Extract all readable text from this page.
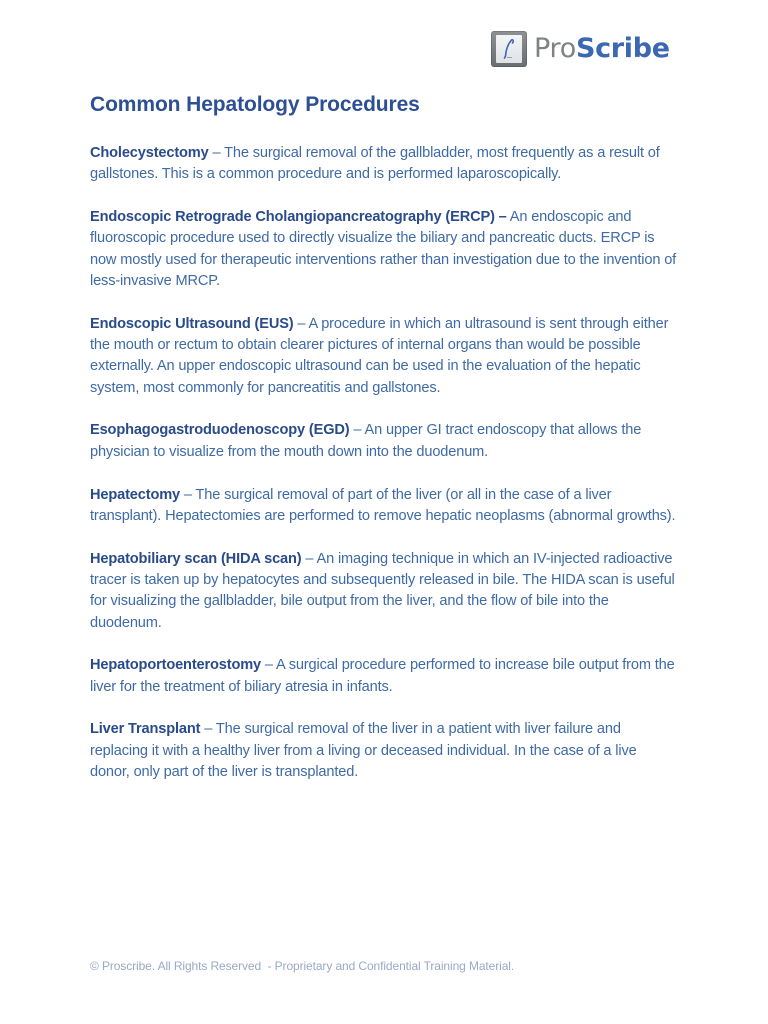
ProScribe
Common Hepatology Procedures

Cholecystectomy – The surgical removal of the gallbladder, most frequently as a result of gallstones. This is a common procedure and is performed laparoscopically.

Endoscopic Retrograde Cholangiopancreatography (ERCP) – An endoscopic and fluoroscopic procedure used to directly visualize the biliary and pancreatic ducts. ERCP is now mostly used for therapeutic interventions rather than investigation due to the invention of less-invasive MRCP.

Endoscopic Ultrasound (EUS) – A procedure in which an ultrasound is sent through either the mouth or rectum to obtain clearer pictures of internal organs than would be possible externally. An upper endoscopic ultrasound can be used in the evaluation of the hepatic system, most commonly for pancreatitis and gallstones.

Esophagogastroduodenoscopy (EGD) – An upper GI tract endoscopy that allows the physician to visualize from the mouth down into the duodenum.

Hepatectomy – The surgical removal of part of the liver (or all in the case of a liver transplant). Hepatectomies are performed to remove hepatic neoplasms (abnormal growths).

Hepatobiliary scan (HIDA scan) – An imaging technique in which an IV-injected radioactive tracer is taken up by hepatocytes and subsequently released in bile. The HIDA scan is useful for visualizing the gallbladder, bile output from the liver, and the flow of bile into the duodenum.

Hepatoportoenterostomy – A surgical procedure performed to increase bile output from the liver for the treatment of biliary atresia in infants.

Liver Transplant – The surgical removal of the liver in a patient with liver failure and replacing it with a healthy liver from a living or deceased individual. In the case of a live donor, only part of the liver is transplanted.

© Proscribe. All Rights Reserved  - Proprietary and Confidential Training Material.
